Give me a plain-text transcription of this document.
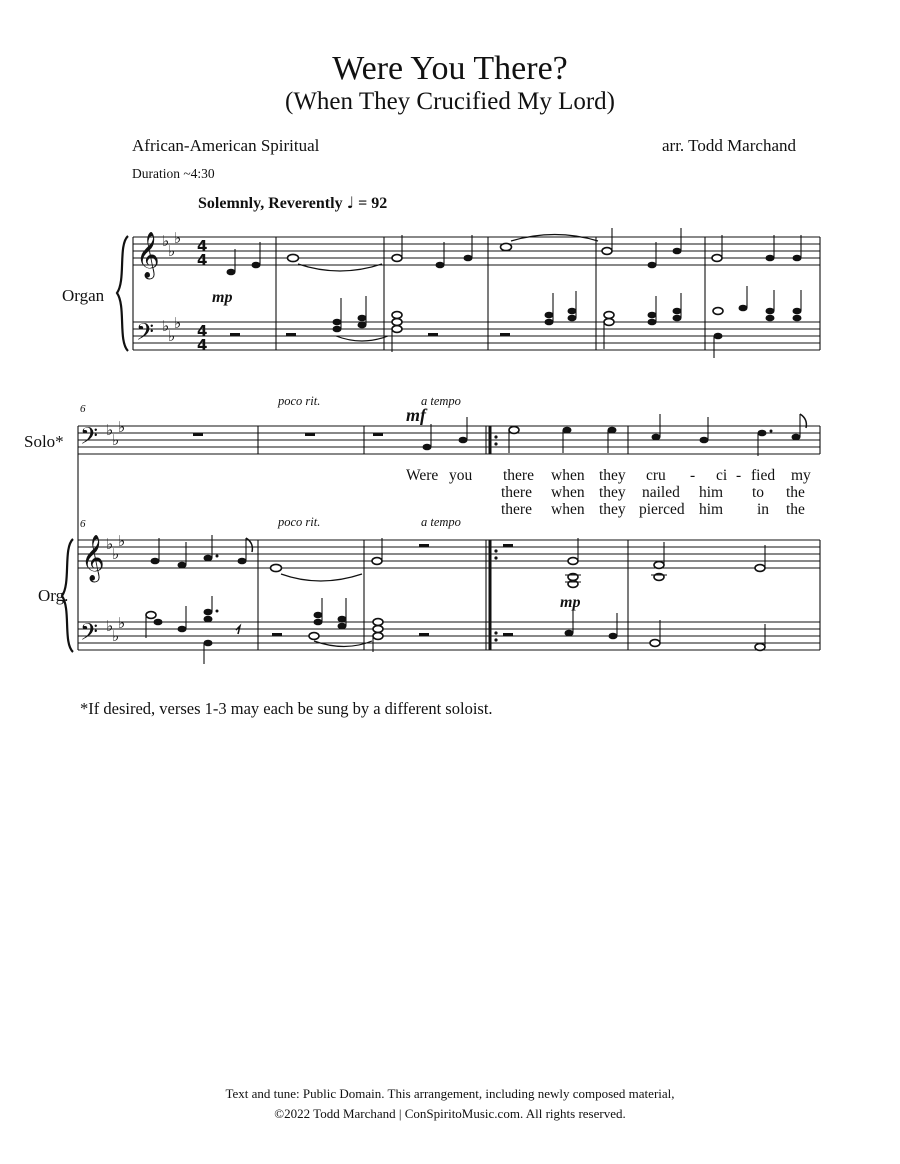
Were You There?
(When They Crucified My Lord)
African-American Spiritual	arr. Todd Marchand
Duration ~4:30
Solemnly, Reverently ♩ = 92
Organ
Solo*
Org.
6
6
poco rit.	a tempo
poco rit.	a tempo
Were you there when they cru - ci - fied my
there when they nailed him to the
there when they pierced him in the
*If desired, verses 1-3 may each be sung by a different soloist.
Text and tune: Public Domain. This arrangement, including newly composed material,
©2022 Todd Marchand | ConSpiritoMusic.com. All rights reserved.
𝄞
𝄢
♭
♭
♭
♭
♭
♭
4
4
4
4
mp
𝄢
𝄞
𝄢
♭
♭
♭
♭
♭
♭
♭
♭
♭
mf
mp
